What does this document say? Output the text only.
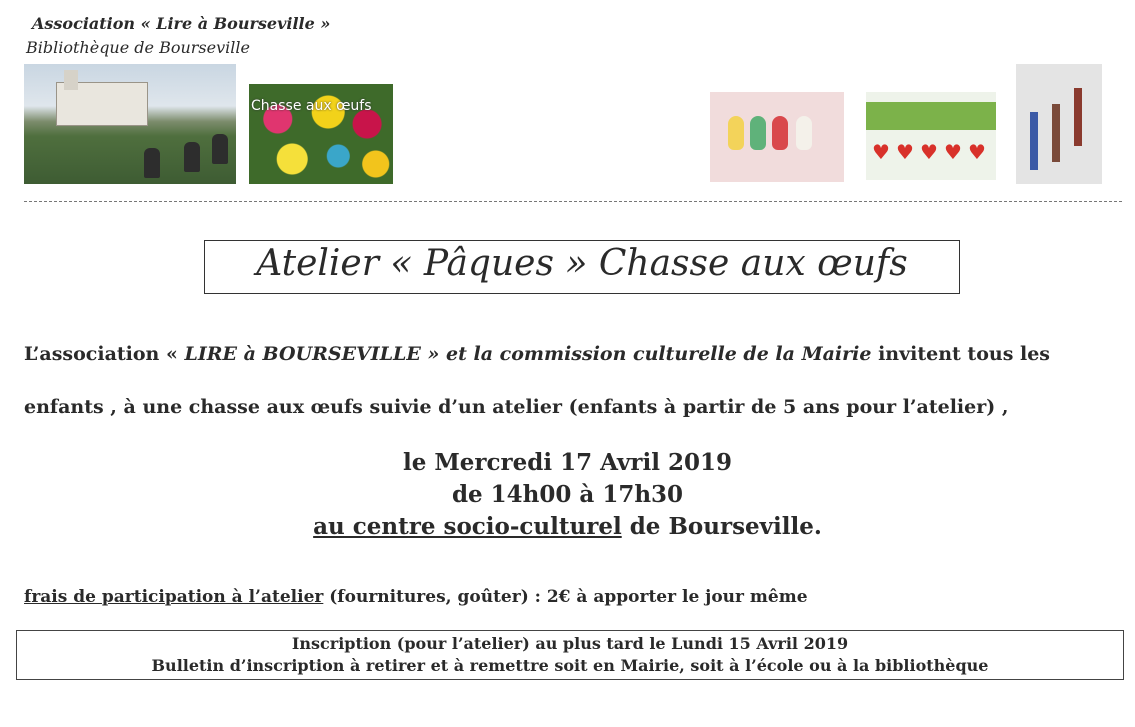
Association « Lire à Bourseville »
Bibliothèque de Bourseville
Chasse aux œufs
♥ ♥ ♥ ♥ ♥
Atelier « Pâques » Chasse aux œufs
L’association « LIRE à BOURSEVILLE » et la commission culturelle de la Mairie invitent tous les
enfants , à une chasse aux œufs suivie d’un atelier (enfants à partir de 5 ans pour l’atelier) ,
le Mercredi 17 Avril 2019
de 14h00 à 17h30
au centre socio-culturel de Bourseville.
frais de participation à l’atelier (fournitures, goûter) : 2€ à apporter le jour même
Inscription (pour l’atelier) au plus tard le Lundi 15 Avril 2019
Bulletin d’inscription à retirer et à remettre soit en Mairie, soit à l’école ou à la bibliothèque
